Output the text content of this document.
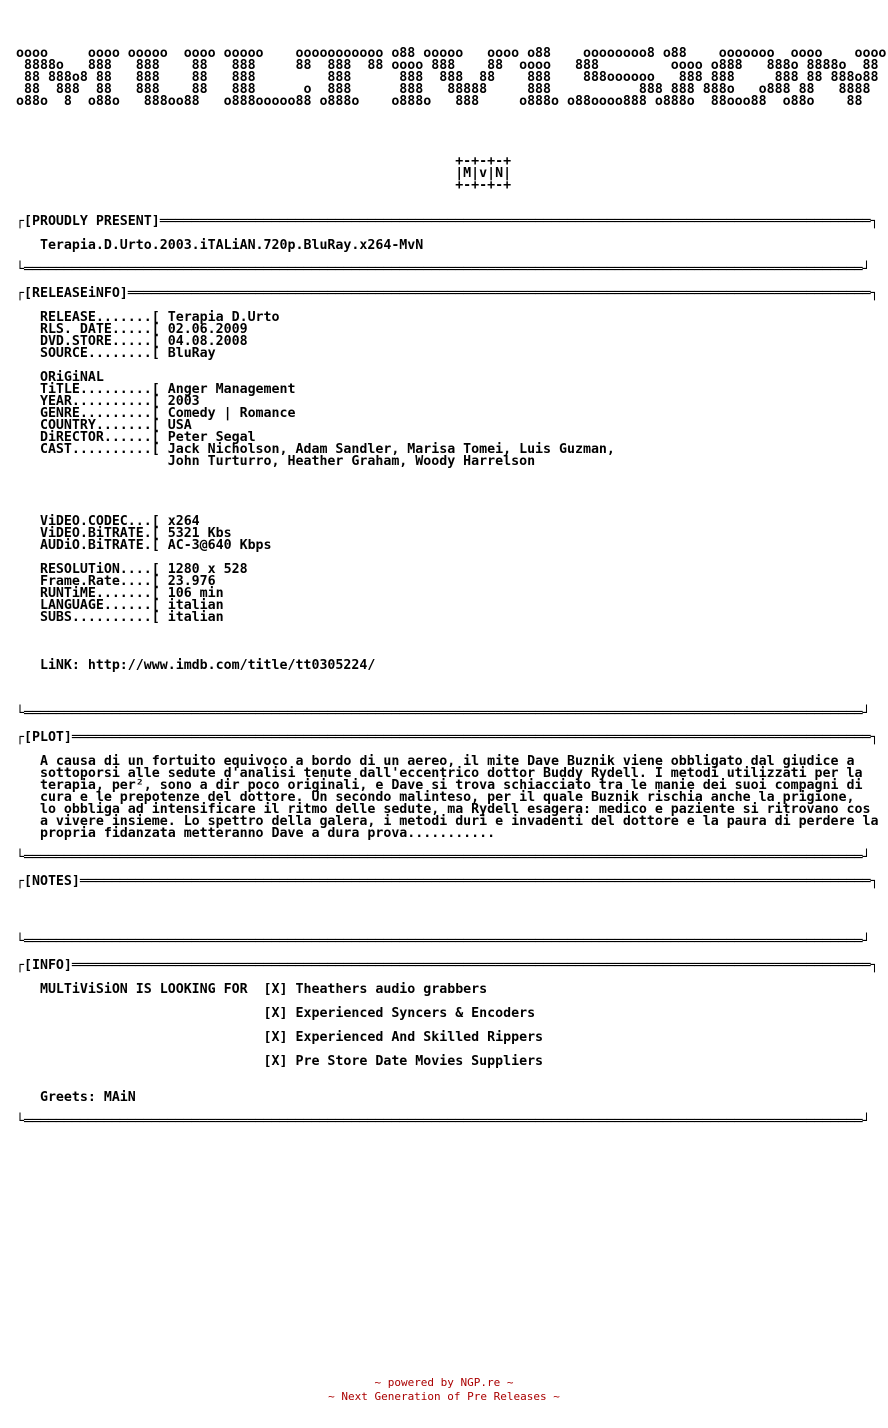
oooo     oooo ooooo  oooo ooooo    ooooooooooo o88 ooooo   oooo o88    oooooooo8 o88    ooooooo  oooo    oooo
8888o   888   888    88   888     88  888  88 oooo 888    88  oooo   888         oooo o888   888o 8888o  88
88 888o8 88   888    88   888         888      888  888  88    888    888oooooo   888 888     888 88 888o88
88  888  88   888    88   888      o  888      888   88888     888           888 888 888o   o888 88   8888
o88o  8  o88o   888oo88   o888ooooo88 o888o    o888o   888     o888o o88oooo888 o888o  88ooo88  o88o    88

+-+-+-+
|M|v|N|
+-+-+-+

┌[PROUDLY PRESENT]═════════════════════════════════════════════════════════════════════════════════════════┐

Terapia.D.Urto.2003.iTALiAN.720p.BluRay.x264-MvN

└═════════════════════════════════════════════════════════════════════════════════════════════════════════┘

┌[RELEASEiNFO]═════════════════════════════════════════════════════════════════════════════════════════════┐

RELEASE.......[ Terapia D.Urto
RLS. DATE.....[ 02.06.2009
DVD.STORE.....[ 04.08.2008
SOURCE........[ BluRay

ORiGiNAL
TiTLE.........[ Anger Management
YEAR..........[ 2003
GENRE.........[ Comedy | Romance
COUNTRY.......[ USA
DiRECTOR......[ Peter Segal
CAST..........[ Jack Nicholson, Adam Sandler, Marisa Tomei, Luis Guzman,
John Turturro, Heather Graham, Woody Harrelson

ViDEO.CODEC...[ x264
ViDEO.BiTRATE.[ 5321 Kbs
AUDiO.BiTRATE.[ AC-3@640 Kbps

RESOLUTiON....[ 1280 x 528
Frame.Rate....[ 23.976
RUNTiME.......[ 106 min
LANGUAGE......[ italian
SUBS..........[ italian

LiNK: http://www.imdb.com/title/tt0305224/

└═════════════════════════════════════════════════════════════════════════════════════════════════════════┘

┌[PLOT]════════════════════════════════════════════════════════════════════════════════════════════════════┐

A causa di un fortuito equivoco a bordo di un aereo, il mite Dave Buznik viene obbligato dal giudice a
sottoporsi alle sedute d'analisi tenute dall'eccentrico dottor Buddy Rydell. I metodi utilizzati per la
terapia, per², sono a dir poco originali, e Dave si trova schiacciato tra le manie dei suoi compagni di
cura e le prepotenze del dottore. Un secondo malinteso, per il quale Buznik rischia anche la prigione,
lo obbliga ad intensificare il ritmo delle sedute, ma Rydell esagera: medico e paziente si ritrovano cos
a vivere insieme. Lo spettro della galera, i metodi duri e invadenti del dottore e la paura di perdere la
propria fidanzata metteranno Dave a dura prova...........

└═════════════════════════════════════════════════════════════════════════════════════════════════════════┘

┌[NOTES]═══════════════════════════════════════════════════════════════════════════════════════════════════┐

└═════════════════════════════════════════════════════════════════════════════════════════════════════════┘

┌[INFO]════════════════════════════════════════════════════════════════════════════════════════════════════┐

MULTiViSiON IS LOOKING FOR  [X] Theathers audio grabbers

[X] Experienced Syncers & Encoders

[X] Experienced And Skilled Rippers

[X] Pre Store Date Movies Suppliers

Greets: MAiN

└═════════════════════════════════════════════════════════════════════════════════════════════════════════┘
~ powered by NGP.re ~
~ Next Generation of Pre Releases ~
